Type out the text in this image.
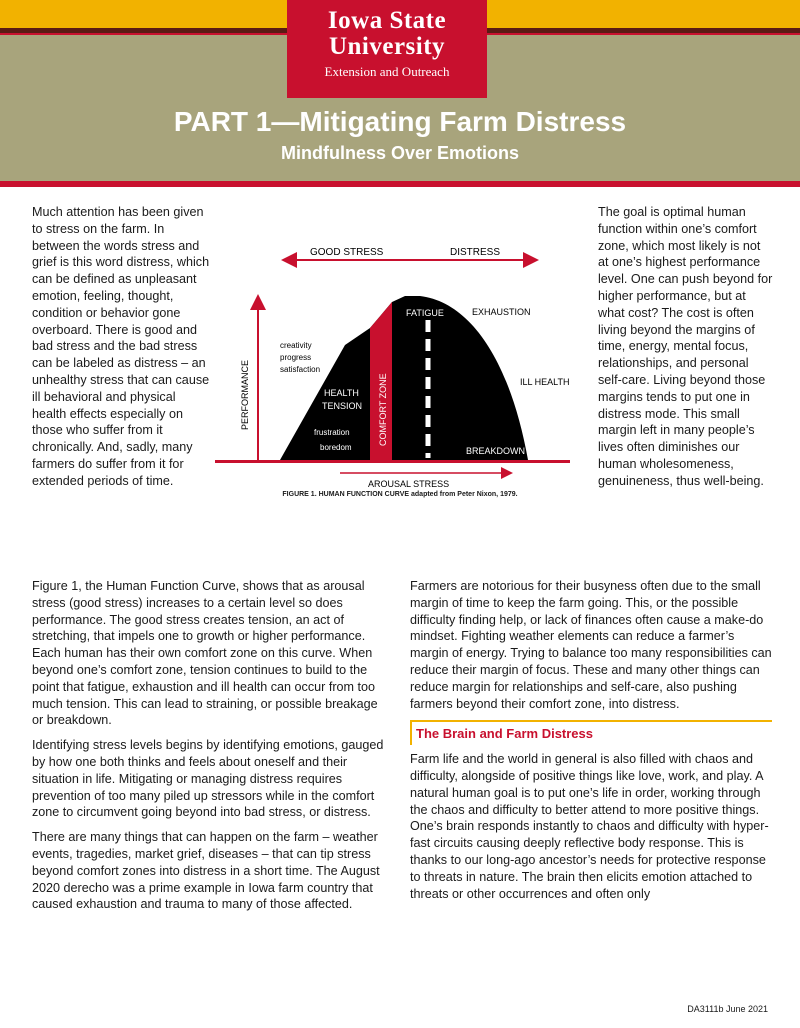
Iowa State
University
Extension and Outreach
PART 1—Mitigating Farm Distress
Mindfulness Over Emotions

Much attention has been given to stress on the farm. In between the words stress and grief is this word distress, which can be defined as unpleasant emotion, feeling, thought, condition or behavior gone overboard. There is good and bad stress and the bad stress can be labeled as distress – an unhealthy stress that can cause ill behavioral and physical health effects especially on those who suffer from it chronically. And, sadly, many farmers do suffer from it for extended periods of time.

GOOD STRESS	DISTRESS
PERFORMANCE	COMFORT ZONE
FATIGUE
creativity
progress
satisfaction
HEALTH
TENSION
frustration
boredom
EXHAUSTION
ILL HEALTH
BREAKDOWN
AROUSAL STRESS
FIGURE 1. HUMAN FUNCTION CURVE adapted from Peter Nixon, 1979.

The goal is optimal human function within one’s comfort zone, which most likely is not at one’s highest performance level. One can push beyond for higher performance, but at what cost? The cost is often living beyond the margins of time, energy, mental focus, relationships, and personal self-care. Living beyond those margins tends to put one in distress mode. This small margin left in many people’s lives often diminishes our human wholesomeness, genuineness, thus well-being.

Figure 1, the Human Function Curve, shows that as arousal stress (good stress) increases to a certain level so does performance. The good stress creates tension, an act of stretching, that impels one to growth or higher performance. Each human has their own comfort zone on this curve. When beyond one’s comfort zone, tension continues to build to the point that fatigue, exhaustion and ill health can occur from too much tension. This can lead to straining, or possible breakage or breakdown.

Identifying stress levels begins by identifying emotions, gauged by how one both thinks and feels about oneself and their situation in life. Mitigating or managing distress requires prevention of too many piled up stressors while in the comfort zone to circumvent going beyond into bad stress, or distress.

There are many things that can happen on the farm – weather events, tragedies, market grief, diseases – that can tip stress beyond comfort zones into distress in a short time. The August 2020 derecho was a prime example in Iowa farm country that caused exhaustion and trauma to many of those affected.

Farmers are notorious for their busyness often due to the small margin of time to keep the farm going. This, or the possible difficulty finding help, or lack of finances often cause a make-do mindset. Fighting weather elements can reduce a farmer’s margin of energy. Trying to balance too many responsibilities can reduce their margin of focus. These and many other things can reduce margin for relationships and self-care, also pushing farmers beyond their comfort zone, into distress.

The Brain and Farm Distress

Farm life and the world in general is also filled with chaos and difficulty, alongside of positive things like love, work, and play. A natural human goal is to put one’s life in order, working through the chaos and difficulty to better attend to more positive things. One’s brain responds instantly to chaos and difficulty with hyper-fast circuits causing deeply reflective body response. This is thanks to our long-ago ancestor’s needs for protective response to threats in nature. The brain then elicits emotion attached to threats or other occurrences and often only

DA3111b June 2021
